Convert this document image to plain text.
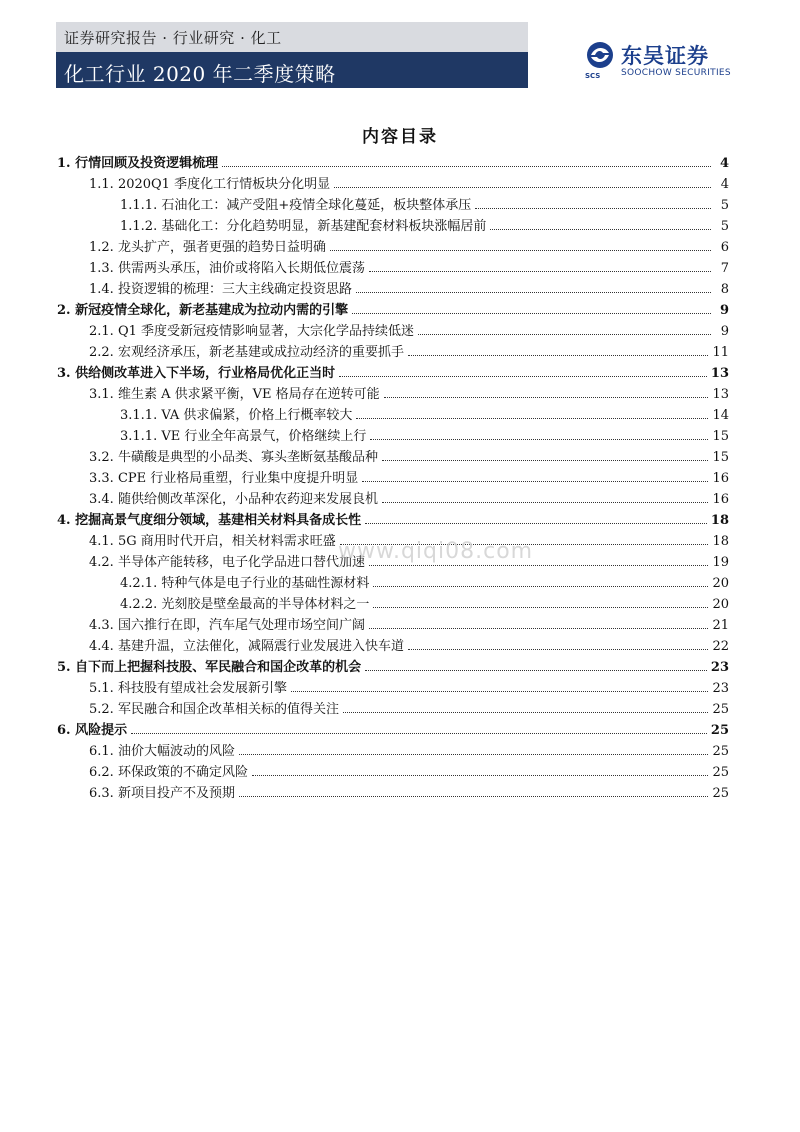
证券研究报告 · 行业研究 · 化工
化工行业 2020 年二季度策略	SCS
东吴证券
SOOCHOW SECURITIES
内容目录
1. 行情回顾及投资逻辑梳理	4
1.1. 2020Q1 季度化工行情板块分化明显	4
1.1.1. 石油化工：减产受阻+疫情全球化蔓延，板块整体承压	5
1.1.2. 基础化工：分化趋势明显，新基建配套材料板块涨幅居前	5
1.2. 龙头扩产，强者更强的趋势日益明确	6
1.3. 供需两头承压，油价或将陷入长期低位震荡	7
1.4. 投资逻辑的梳理：三大主线确定投资思路	8
2. 新冠疫情全球化，新老基建成为拉动内需的引擎	9
2.1. Q1 季度受新冠疫情影响显著，大宗化学品持续低迷	9
2.2. 宏观经济承压，新老基建或成拉动经济的重要抓手	11
3. 供给侧改革进入下半场，行业格局优化正当时	13
3.1. 维生素 A 供求紧平衡，VE 格局存在逆转可能	13
3.1.1. VA 供求偏紧，价格上行概率较大	14
3.1.1. VE 行业全年高景气，价格继续上行	15
3.2. 牛磺酸是典型的小品类、寡头垄断氨基酸品种	15
3.3. CPE 行业格局重塑，行业集中度提升明显	16
3.4. 随供给侧改革深化，小品种农药迎来发展良机	16
4. 挖掘高景气度细分领域，基建相关材料具备成长性	18
4.1. 5G 商用时代开启，相关材料需求旺盛	18
4.2. 半导体产能转移，电子化学品进口替代加速	19
4.2.1. 特种气体是电子行业的基础性源材料	20
4.2.2. 光刻胶是壁垒最高的半导体材料之一	20
4.3. 国六推行在即，汽车尾气处理市场空间广阔	21
4.4. 基建升温，立法催化，减隔震行业发展进入快车道	22
5. 自下而上把握科技股、军民融合和国企改革的机会	23
5.1. 科技股有望成社会发展新引擎	23
5.2. 军民融合和国企改革相关标的值得关注	25
6. 风险提示	25
6.1. 油价大幅波动的风险	25
6.2. 环保政策的不确定风险	25
6.3. 新项目投产不及预期	25
www.qiqi08.com
